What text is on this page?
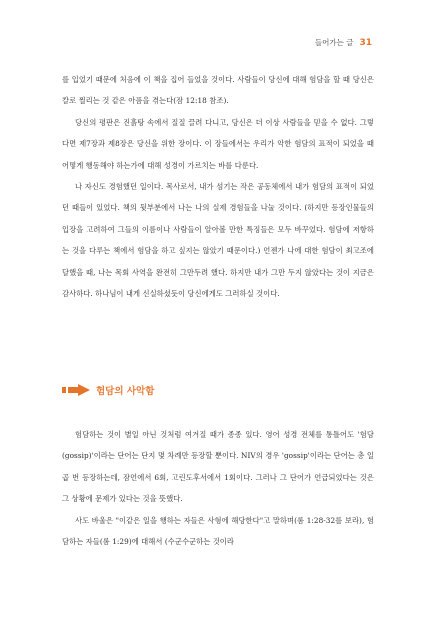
들어가는 글 31

를 입었기 때문에 처음에 이 책을 집어 들었을 것이다. 사람들이 당신에 대해 험담을 할 때 당신은 칼로 찔리는 것 같은 아픔을 겪는다(잠 12:18 참조).

당신의 평판은 진흙탕 속에서 질질 끌려 다니고, 당신은 더 이상 사람들을 믿을 수 없다. 그렇다면 제7장과 제8장은 당신을 위한 장이다. 이 장들에서는 우리가 악한 험담의 표적이 되었을 때 어떻게 행동해야 하는가에 대해 성경이 가르치는 바를 다룬다.

나 자신도 경험했던 일이다. 목사로서, 내가 섬기는 작은 공동체에서 내가 험담의 표적이 되었던 때들이 있었다. 책의 뒷부분에서 나는 나의 실제 경험들을 나눌 것이다. (하지만 등장인물들의 입장을 고려하여 그들의 이름이나 사람들이 알아볼 만한 특징들은 모두 바꾸었다. 험담에 저항하는 것을 다루는 책에서 험담을 하고 싶지는 않았기 때문이다.) 언젠가 나에 대한 험담이 최고조에 달했을 때, 나는 목회 사역을 완전히 그만두려 했다. 하지만 내가 그만 두지 않았다는 것이 지금은 감사하다. 하나님이 내게 신실하셨듯이 당신에게도 그러하실 것이다.

험담의 사악함

험담하는 것이 별일 아닌 것처럼 여겨질 때가 종종 있다. 영어 성경 전체를 통틀어도 '험담(gossip)'이라는 단어는 단지 몇 차례만 등장할 뿐이다. NIV의 경우 'gossip'이라는 단어는 총 일곱 번 등장하는데, 잠언에서 6회, 고린도후서에서 1회이다. 그러나 그 단어가 언급되었다는 것은 그 상황에 문제가 있다는 것을 뜻했다.

사도 바울은 "이같은 일을 행하는 자들은 사형에 해당한다"고 말하며(롬 1:28-32를 보라), 험담하는 자들(롬 1:29)에 대해서 (수군수군하는 것이라
